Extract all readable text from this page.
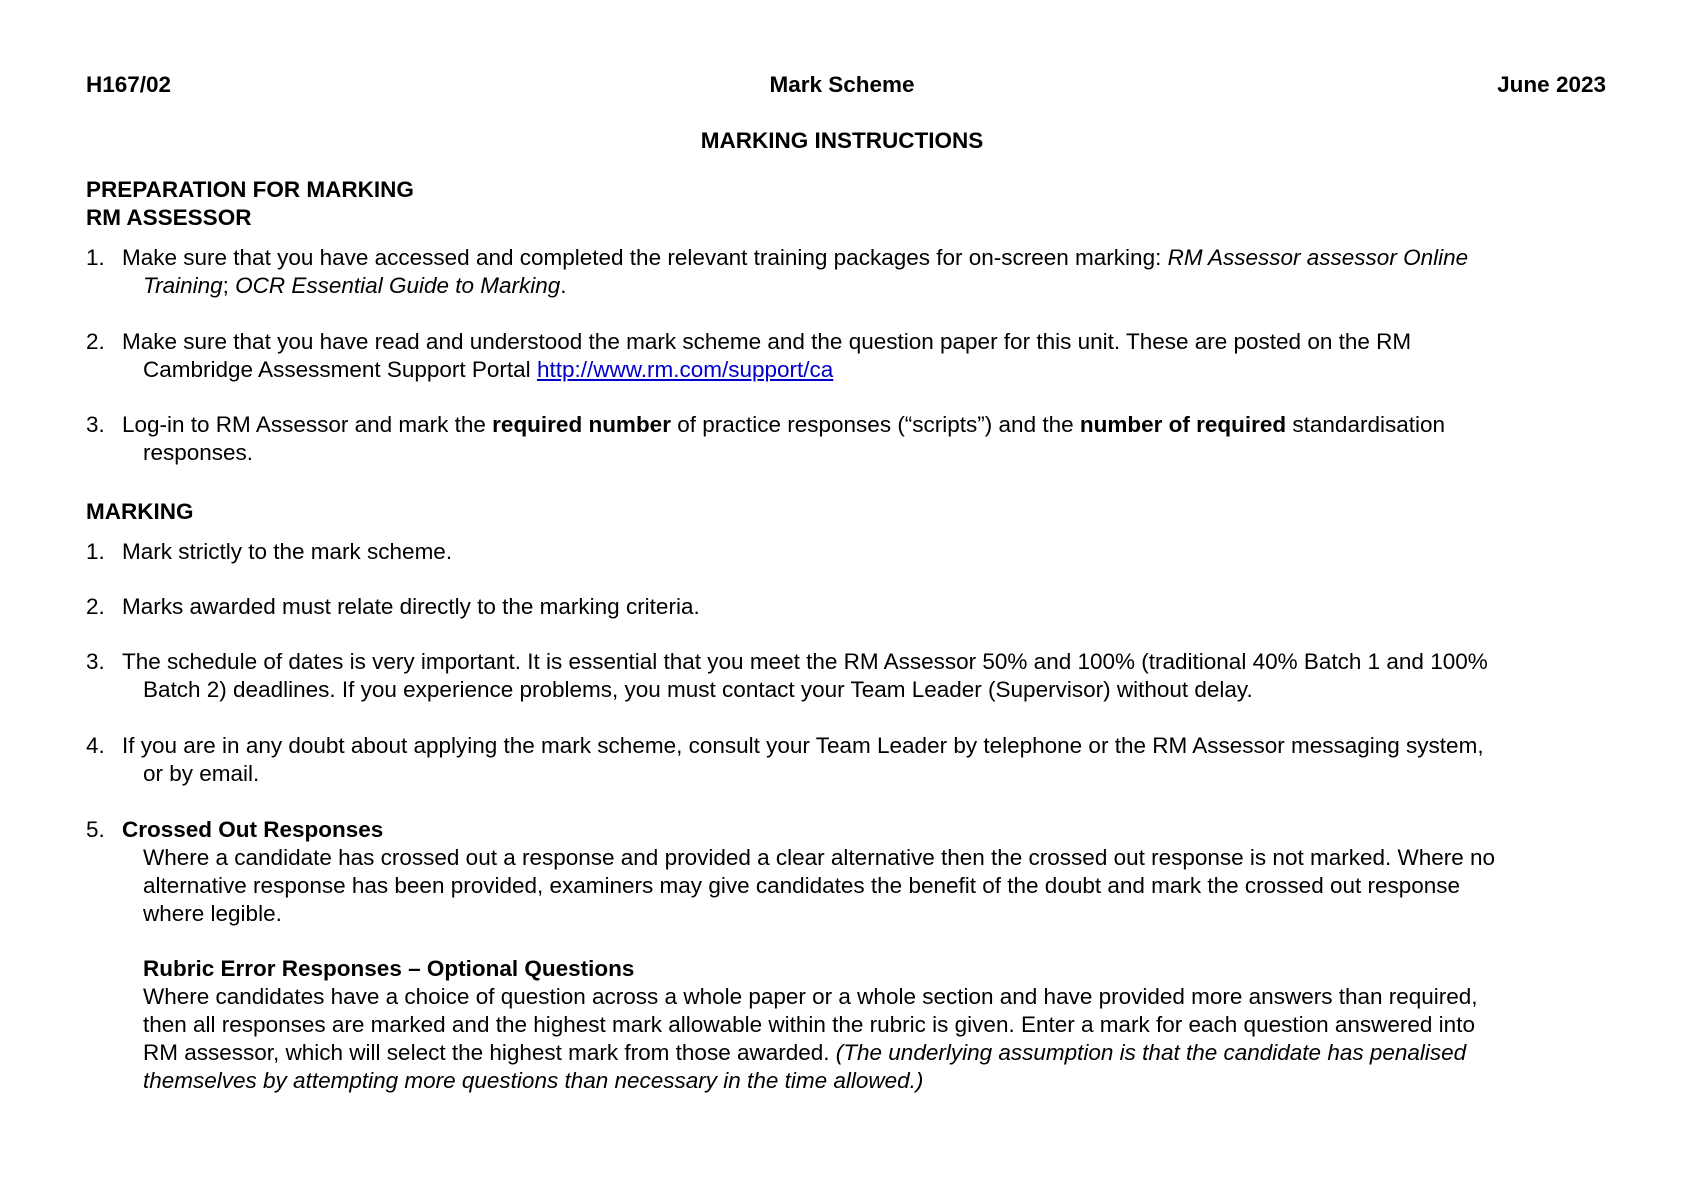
H167/02	Mark Scheme	June 2023
MARKING INSTRUCTIONS
PREPARATION FOR MARKING
RM ASSESSOR
1. Make sure that you have accessed and completed the relevant training packages for on-screen marking: RM Assessor assessor Online
Training; OCR Essential Guide to Marking.
2. Make sure that you have read and understood the mark scheme and the question paper for this unit. These are posted on the RM
Cambridge Assessment Support Portal http://www.rm.com/support/ca
3. Log-in to RM Assessor and mark the required number of practice responses (“scripts”) and the number of required standardisation
responses.
MARKING
1. Mark strictly to the mark scheme.
2. Marks awarded must relate directly to the marking criteria.
3. The schedule of dates is very important. It is essential that you meet the RM Assessor 50% and 100% (traditional 40% Batch 1 and 100%
Batch 2) deadlines. If you experience problems, you must contact your Team Leader (Supervisor) without delay.
4. If you are in any doubt about applying the mark scheme, consult your Team Leader by telephone or the RM Assessor messaging system,
or by email.
5. Crossed Out Responses
Where a candidate has crossed out a response and provided a clear alternative then the crossed out response is not marked. Where no
alternative response has been provided, examiners may give candidates the benefit of the doubt and mark the crossed out response
where legible.
Rubric Error Responses – Optional Questions
Where candidates have a choice of question across a whole paper or a whole section and have provided more answers than required,
then all responses are marked and the highest mark allowable within the rubric is given. Enter a mark for each question answered into
RM assessor, which will select the highest mark from those awarded. (The underlying assumption is that the candidate has penalised
themselves by attempting more questions than necessary in the time allowed.)
